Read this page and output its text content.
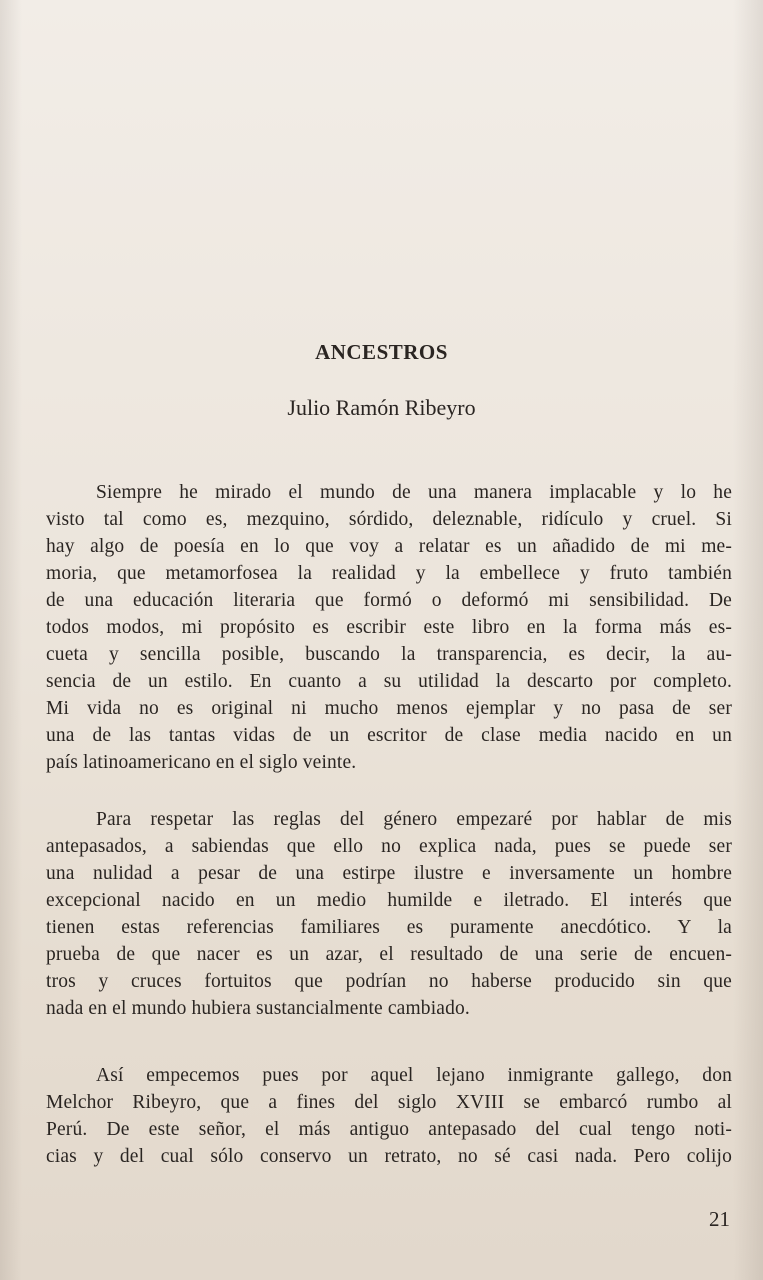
ANCESTROS

Julio Ramón Ribeyro

Siempre he mirado el mundo de una manera implacable y lo he
visto tal como es, mezquino, sórdido, deleznable, ridículo y cruel. Si
hay algo de poesía en lo que voy a relatar es un añadido de mi me-
moria, que metamorfosea la realidad y la embellece y fruto también
de una educación literaria que formó o deformó mi sensibilidad. De
todos modos, mi propósito es escribir este libro en la forma más es-
cueta y sencilla posible, buscando la transparencia, es decir, la au-
sencia de un estilo. En cuanto a su utilidad la descarto por completo.
Mi vida no es original ni mucho menos ejemplar y no pasa de ser
una de las tantas vidas de un escritor de clase media nacido en un
país latinoamericano en el siglo veinte.

Para respetar las reglas del género empezaré por hablar de mis
antepasados, a sabiendas que ello no explica nada, pues se puede ser
una nulidad a pesar de una estirpe ilustre e inversamente un hombre
excepcional nacido en un medio humilde e iletrado. El interés que
tienen estas referencias familiares es puramente anecdótico. Y la
prueba de que nacer es un azar, el resultado de una serie de encuen-
tros y cruces fortuitos que podrían no haberse producido sin que
nada en el mundo hubiera sustancialmente cambiado.

Así empecemos pues por aquel lejano inmigrante gallego, don
Melchor Ribeyro, que a fines del siglo XVIII se embarcó rumbo al
Perú. De este señor, el más antiguo antepasado del cual tengo noti-
cias y del cual sólo conservo un retrato, no sé casi nada. Pero colijo

21
